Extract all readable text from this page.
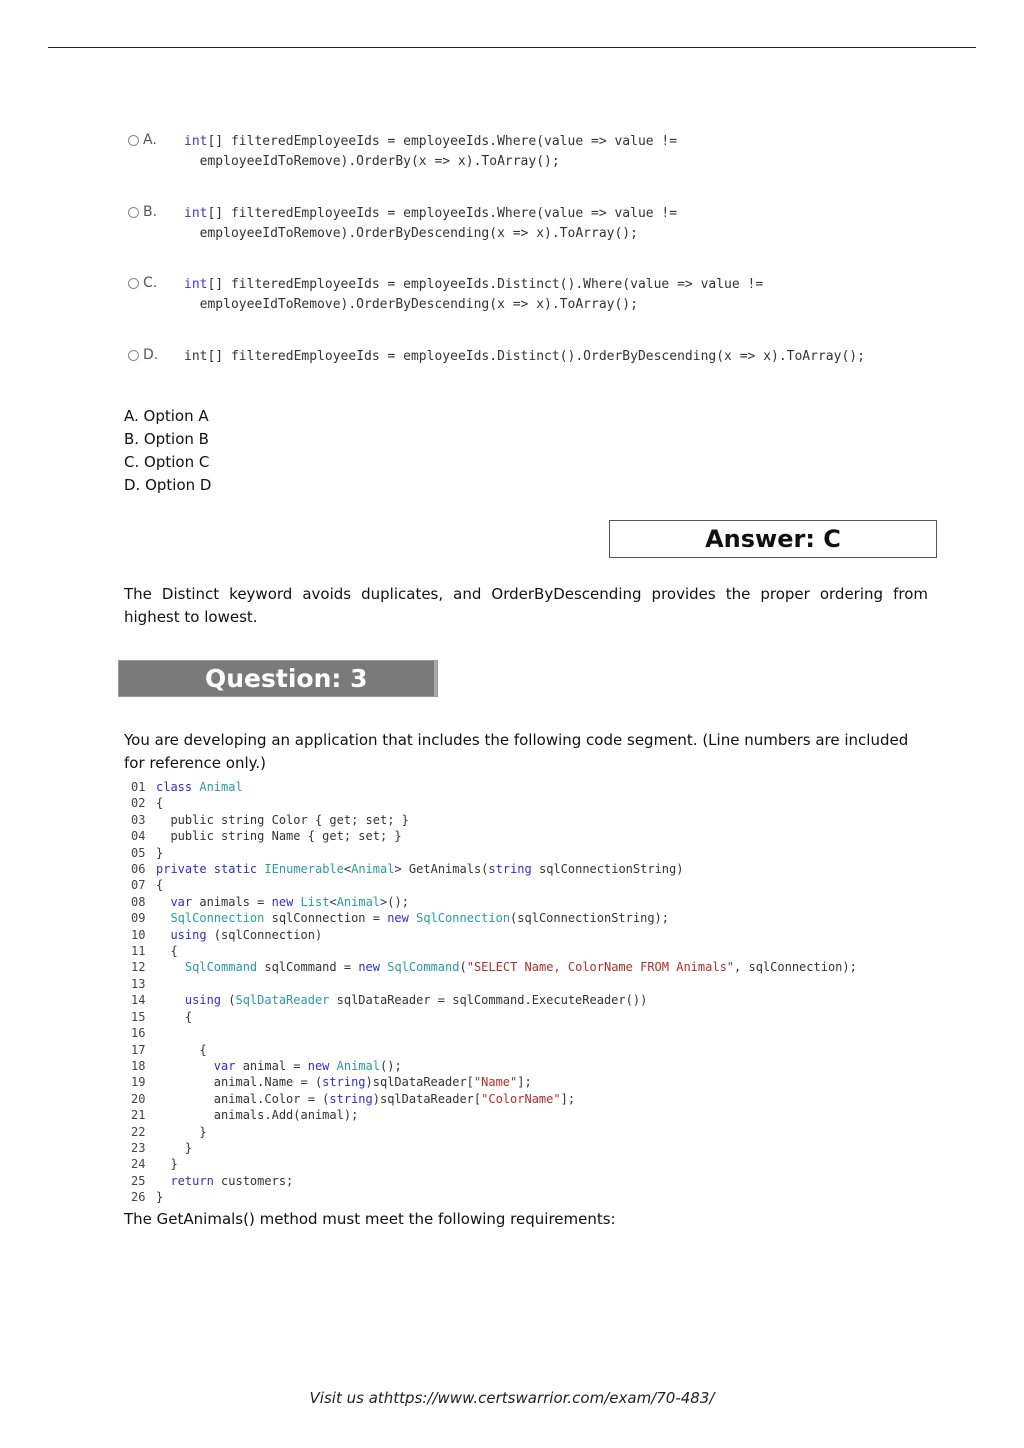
A. int[] filteredEmployeeIds = employeeIds.Where(value => value !=
employeeIdToRemove).OrderBy(x => x).ToArray();
B. int[] filteredEmployeeIds = employeeIds.Where(value => value !=
employeeIdToRemove).OrderByDescending(x => x).ToArray();
C. int[] filteredEmployeeIds = employeeIds.Distinct().Where(value => value !=
employeeIdToRemove).OrderByDescending(x => x).ToArray();
D. int[] filteredEmployeeIds = employeeIds.Distinct().OrderByDescending(x => x).ToArray();
A. Option A
B. Option B
C. Option C
D. Option D
Answer: C
The Distinct keyword avoids duplicates, and OrderByDescending provides the proper ordering from highest to lowest.
Question: 3
You are developing an application that includes the following code segment. (Line numbers are included for reference only.)
01 class Animal
02 {
03  public string Color { get; set; }
04  public string Name { get; set; }
05 }
06 private static IEnumerable<Animal> GetAnimals(string sqlConnectionString)
07 {
08 var animals = new List<Animal>();
09 SqlConnection sqlConnection = new SqlConnection(sqlConnectionString);
10 using (sqlConnection)
11  {
12	SqlCommand sqlCommand = new SqlCommand("SELECT Name, ColorName FROM Animals", sqlConnection);
13
14	using (SqlDataReader sqlDataReader = sqlCommand.ExecuteReader())
15	{
16
17	{
18	var animal = new Animal();
19        animal.Name = (string)sqlDataReader["Name"];
20        animal.Color = (string)sqlDataReader["ColorName"];
21	animals.Add(animal);
22	}
23	}
24  }
25 return customers;
26 }
The GetAnimals() method must meet the following requirements:
Visit us athttps://www.certswarrior.com/exam/70-483/
